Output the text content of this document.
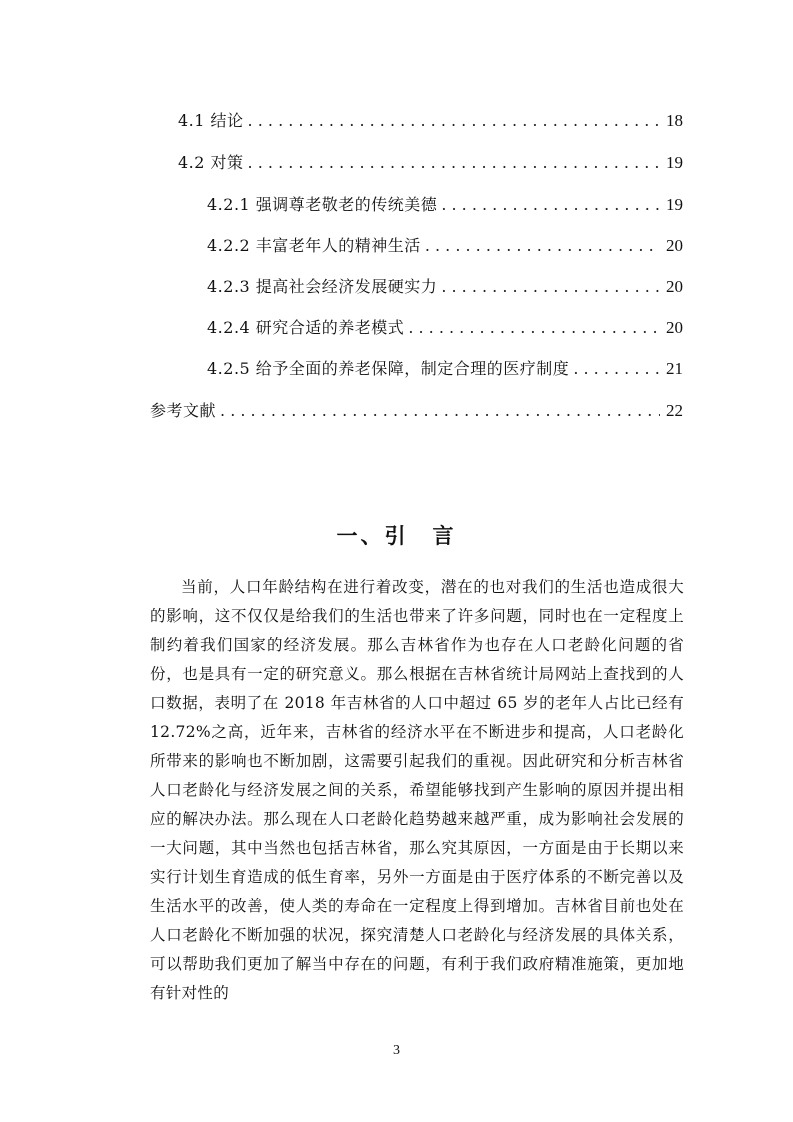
4.1 结论 . . .	18
4.2 对策 . . .	19
4.2.1 强调尊老敬老的传统美德 . . .	19
4.2.2 丰富老年人的精神生活 . . .	20
4.2.3 提高社会经济发展硬实力 . . .	20
4.2.4 研究合适的养老模式 . . .	20
4.2.5 给予全面的养老保障，制定合理的医疗制度 . . .	21
参考文献 . . .	22
一、引　言

当前，人口年龄结构在进行着改变，潜在的也对我们的生活也造成很大的影响，这不仅仅是给我们的生活也带来了许多问题，同时也在一定程度上制约着我们国家的经济发展。那么吉林省作为也存在人口老龄化问题的省份，也是具有一定的研究意义。那么根据在吉林省统计局网站上查找到的人口数据，表明了在 2018 年吉林省的人口中超过 65 岁的老年人占比已经有 12.72%之高，近年来，吉林省的经济水平在不断进步和提高，人口老龄化所带来的影响也不断加剧，这需要引起我们的重视。因此研究和分析吉林省人口老龄化与经济发展之间的关系，希望能够找到产生影响的原因并提出相应的解决办法。那么现在人口老龄化趋势越来越严重，成为影响社会发展的一大问题，其中当然也包括吉林省，那么究其原因，一方面是由于长期以来实行计划生育造成的低生育率，另外一方面是由于医疗体系的不断完善以及生活水平的改善，使人类的寿命在一定程度上得到增加。吉林省目前也处在人口老龄化不断加强的状况，探究清楚人口老龄化与经济发展的具体关系，可以帮助我们更加了解当中存在的问题，有利于我们政府精准施策，更加地有针对性的

3
